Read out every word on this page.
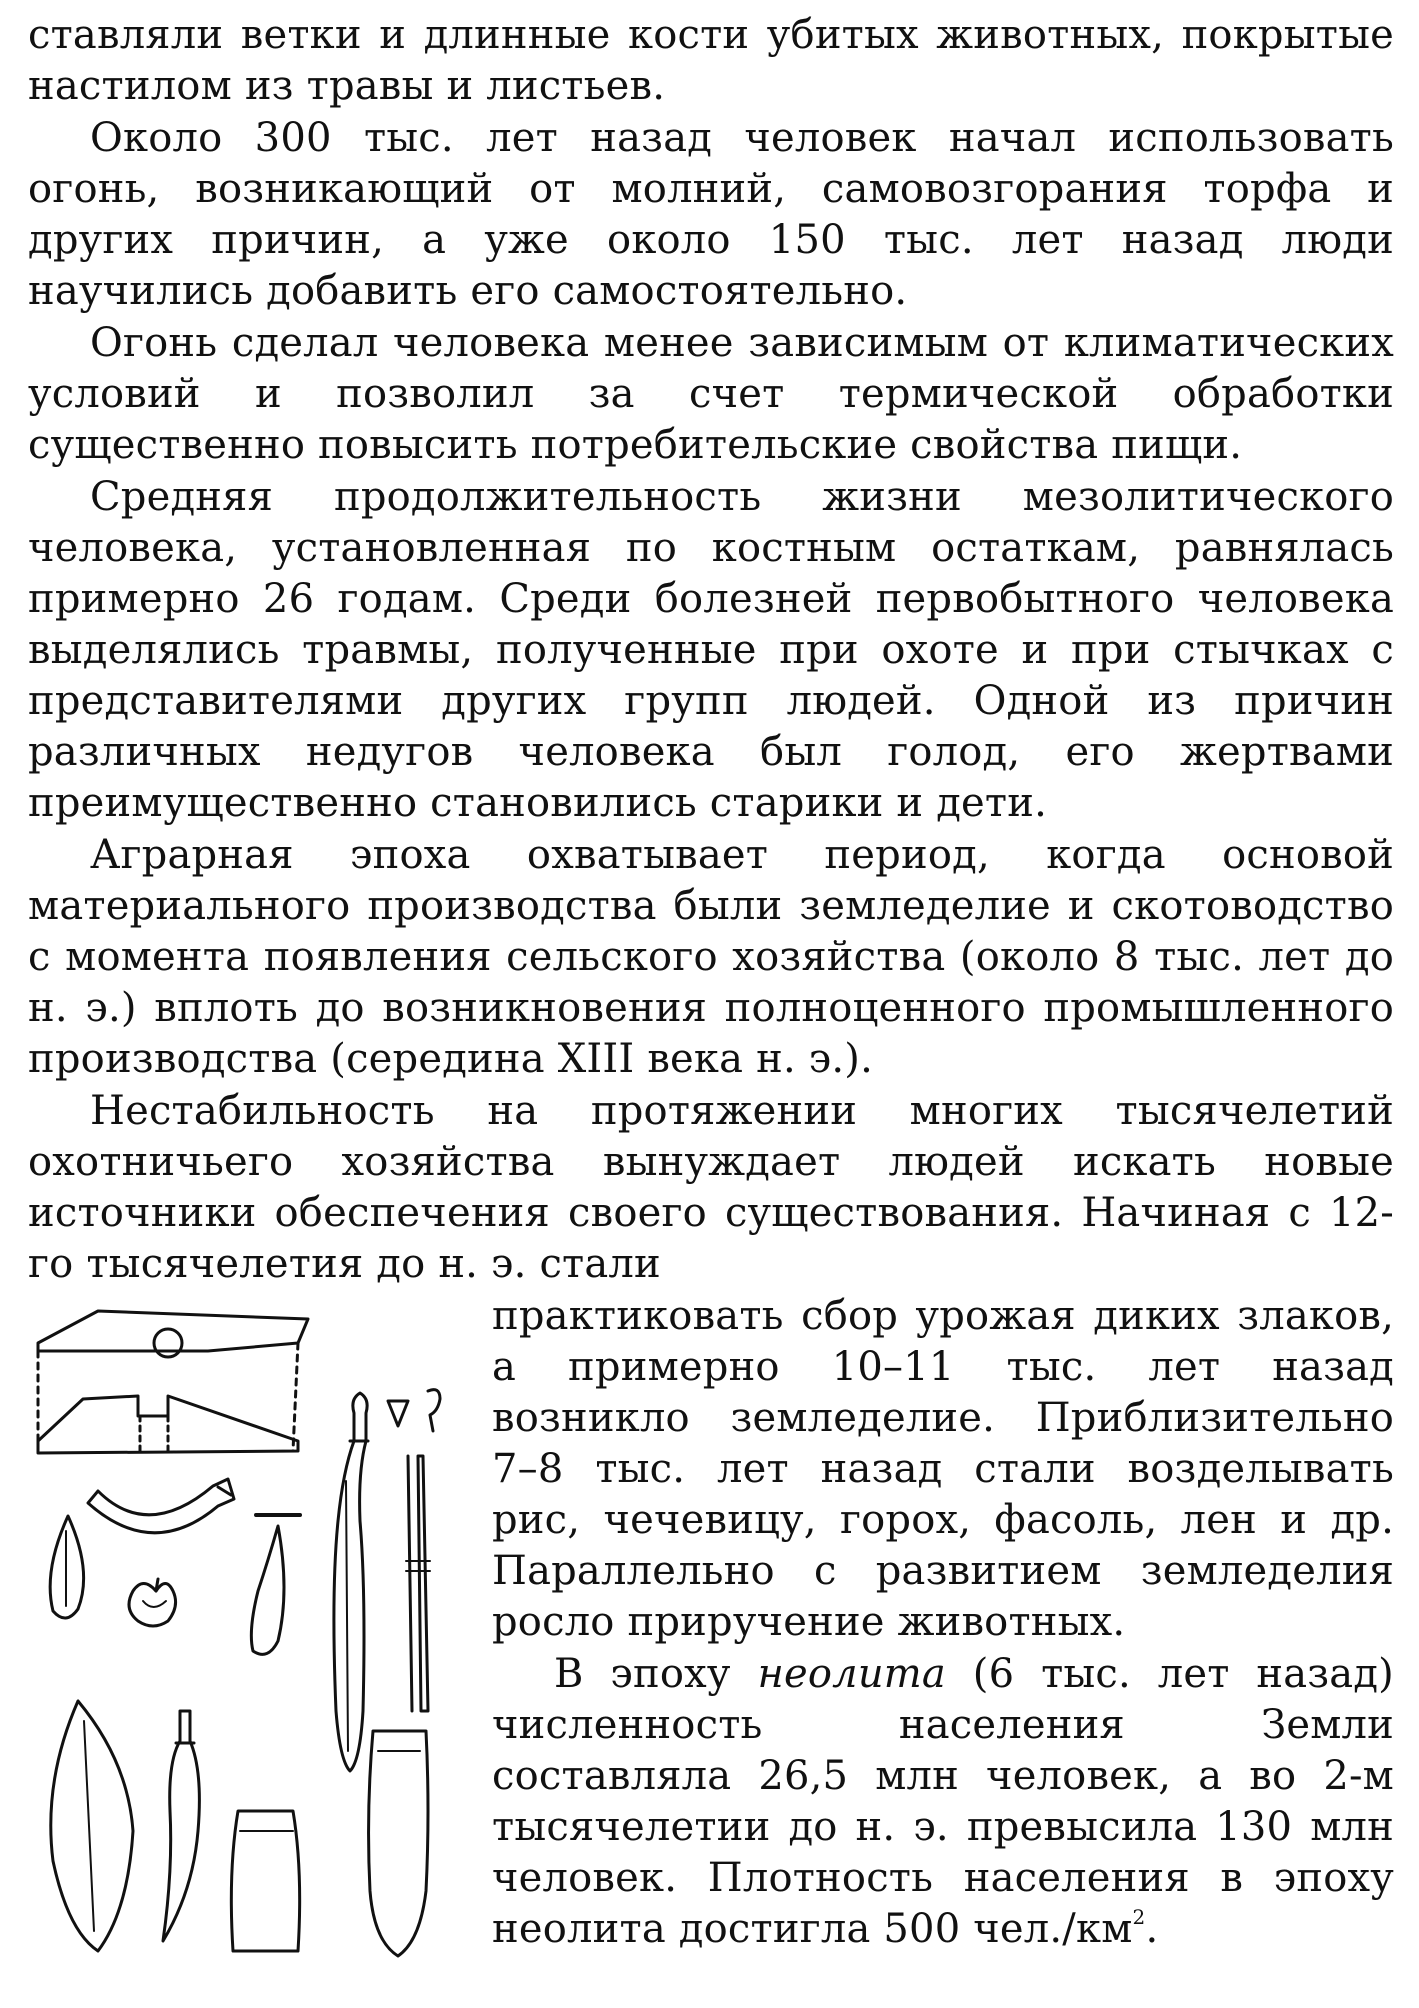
ставляли ветки и длинные кости убитых животных, покрытые настилом из травы и листьев.

Около 300 тыс. лет назад человек начал использовать огонь, возникающий от молний, самовозгорания торфа и других причин, а уже около 150 тыс. лет назад люди научились добавить его самостоятельно.

Огонь сделал человека менее зависимым от климатических условий и позволил за счет термической обработки существенно повысить потребительские свойства пищи.

Средняя продолжительность жизни мезолитического человека, установленная по костным остаткам, равнялась примерно 26 годам. Среди болезней первобытного человека выделялись травмы, полученные при охоте и при стычках с представителями других групп людей. Одной из причин различных недугов человека был голод, его жертвами преимущественно становились старики и дети.

Аграрная эпоха охватывает период, когда основой материального производства были земледелие и скотоводство с момента появления сельского хозяйства (около 8 тыс. лет до н. э.) вплоть до возникновения полноценного промышленного производства (середина XIII века н. э.).

Нестабильность на протяжении многих тысячелетий охотничьего хозяйства вынуждает людей искать новые источники обеспечения своего существования. Начиная с 12-го тысячелетия до н. э. стали

практиковать сбор урожая диких злаков, а примерно 10–11 тыс. лет назад возникло земледелие. Приблизительно 7–8 тыс. лет назад стали возделывать рис, чечевицу, горох, фасоль, лен и др. Параллельно с развитием земледелия росло приручение животных.

В эпоху неолита (6 тыс. лет назад) численность населения Земли составляла 26,5 млн человек, а во 2-м тысячелетии до н. э. превысила 130 млн человек. Плотность населения в эпоху неолита достигла 500 $чел./км^2$.
